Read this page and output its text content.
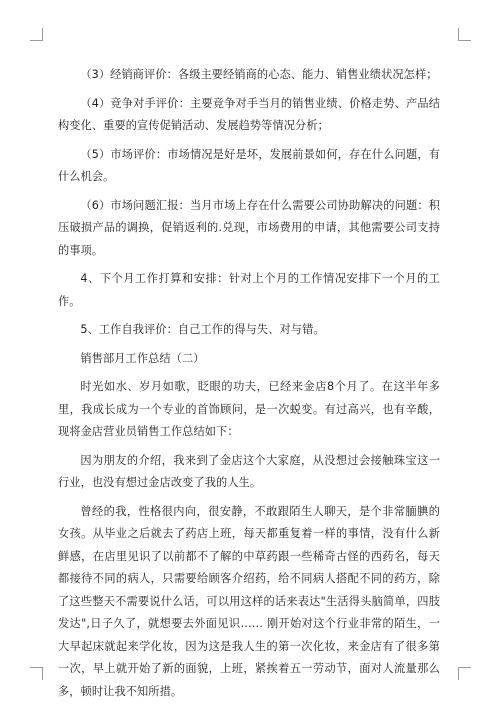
（3）经销商评价：各级主要经销商的心态、能力、销售业绩状况怎样；

（4）竞争对手评价：主要竞争对手当月的销售业绩、价格走势、产品结构变化、重要的宣传促销活动、发展趋势等情况分析；

（5）市场评价：市场情况是好是坏，发展前景如何，存在什么问题，有什么机会。

（6）市场问题汇报：当月市场上存在什么需要公司协助解决的问题：积压破损产品的调换，促销返利的.兑现，市场费用的申请，其他需要公司支持的事项。

4、下个月工作打算和安排：针对上个月的工作情况安排下一个月的工作。

5、工作自我评价：自己工作的得与失、对与错。

销售部月工作总结（二）

时光如水、岁月如歌，眨眼的功夫，已经来金店8个月了。在这半年多里，我成长成为一个专业的首饰顾问，是一次蜕变。有过高兴，也有辛酸，现将金店营业员销售工作总结如下：

因为朋友的介绍，我来到了金店这个大家庭，从没想过会接触珠宝这一行业，也没有想过金店改变了我的人生。

曾经的我，性格很内向，很安静，不敢跟陌生人聊天，是个非常腼腆的女孩。从毕业之后就去了药店上班，每天都重复着一样的事情，没有什么新鲜感，在店里见识了以前都不了解的中草药跟一些稀奇古怪的西药名，每天都接待不同的病人，只需要给顾客介绍药，给不同病人搭配不同的药方，除了这些整天不需要说什么话，可以用这样的话来表达"生活得头脑简单，四肢发达",日子久了，就想要去外面见识…… 刚开始对这个行业非常的陌生，一大早起床就起来学化妆，因为这是我人生的第一次化妆，来金店有了很多第一次，早上就开始了新的面貌，上班，紧挨着五一劳动节，面对人流量那么多，顿时让我不知所措。
